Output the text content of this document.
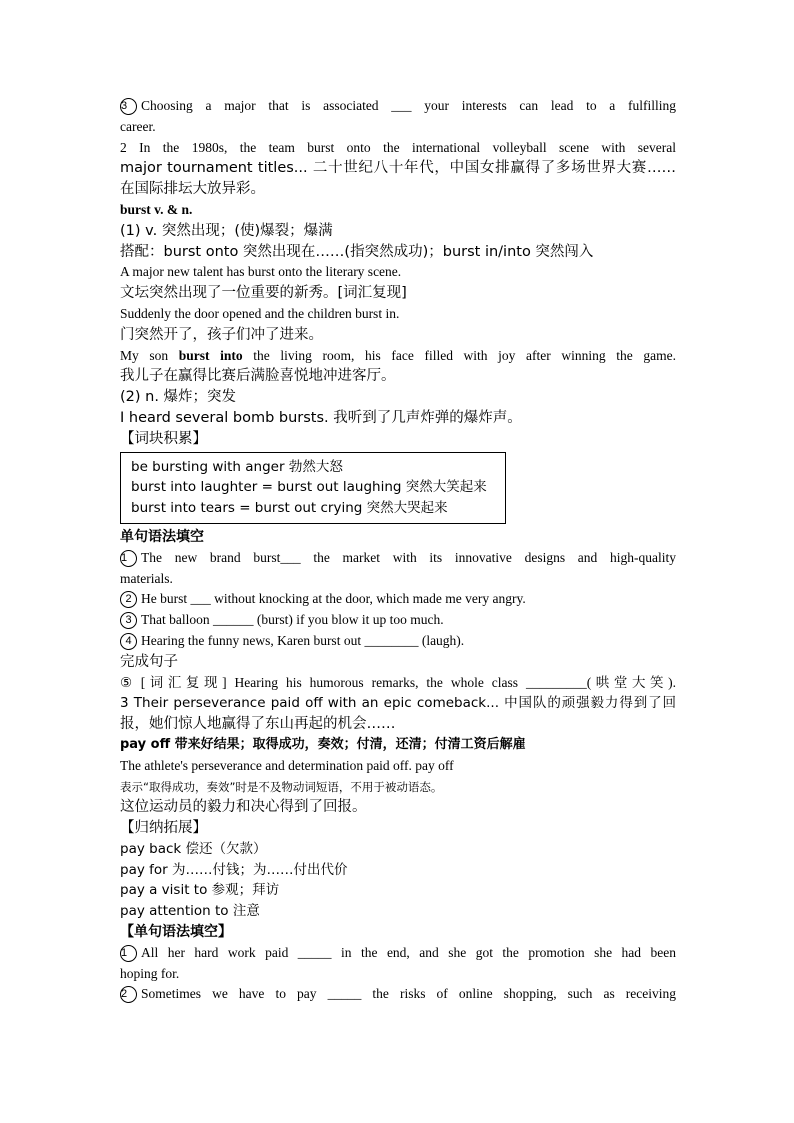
3 Choosing a major that is associated ___ your interests can lead to a fulfilling
career.
2 In the 1980s, the team burst onto the international volleyball scene with several
major tournament titles... 二十世纪八十年代，中国女排赢得了多场世界大赛……
在国际排坛大放异彩。
burst v. & n.
(1) v. 突然出现；(使)爆裂；爆满
搭配：burst onto 突然出现在……(指突然成功)；burst in/into 突然闯入
A major new talent has burst onto the literary scene.
文坛突然出现了一位重要的新秀。[词汇复现]
Suddenly the door opened and the children burst in.
门突然开了，孩子们冲了进来。
My son burst into the living room, his face filled with joy after winning the game.
我儿子在赢得比赛后满脸喜悦地冲进客厅。
(2) n. 爆炸；突发
I heard several bomb bursts. 我听到了几声炸弹的爆炸声。
【词块积累】
be bursting with anger 勃然大怒
burst into laughter = burst out laughing 突然大笑起来
burst into tears = burst out crying 突然大哭起来
单句语法填空
1 The new brand burst___ the market with its innovative designs and high-quality
materials.
2 He burst ___ without knocking at the door, which made me very angry.
3 That balloon ______ (burst) if you blow it up too much.
4 Hearing the funny news, Karen burst out ________ (laugh).
完成句子
⑤ [词汇复现] Hearing his humorous remarks, the whole class _________(哄堂大笑).
3 Their perseverance paid off with an epic comeback... 中国队的顽强毅力得到了回
报，她们惊人地赢得了东山再起的机会……
pay off 带来好结果；取得成功，奏效；付清，还清；付清工资后解雇
The athlete's perseverance and determination paid off. pay off
表示“取得成功，奏效”时是不及物动词短语，不用于被动语态。
这位运动员的毅力和决心得到了回报。
【归纳拓展】
pay back 偿还（欠款）
pay for 为……付钱；为……付出代价
pay a visit to 参观；拜访
pay attention to 注意
【单句语法填空】
1 All her hard work paid _____ in the end, and she got the promotion she had been
hoping for.
2 Sometimes we have to pay _____ the risks of online shopping, such as receiving
